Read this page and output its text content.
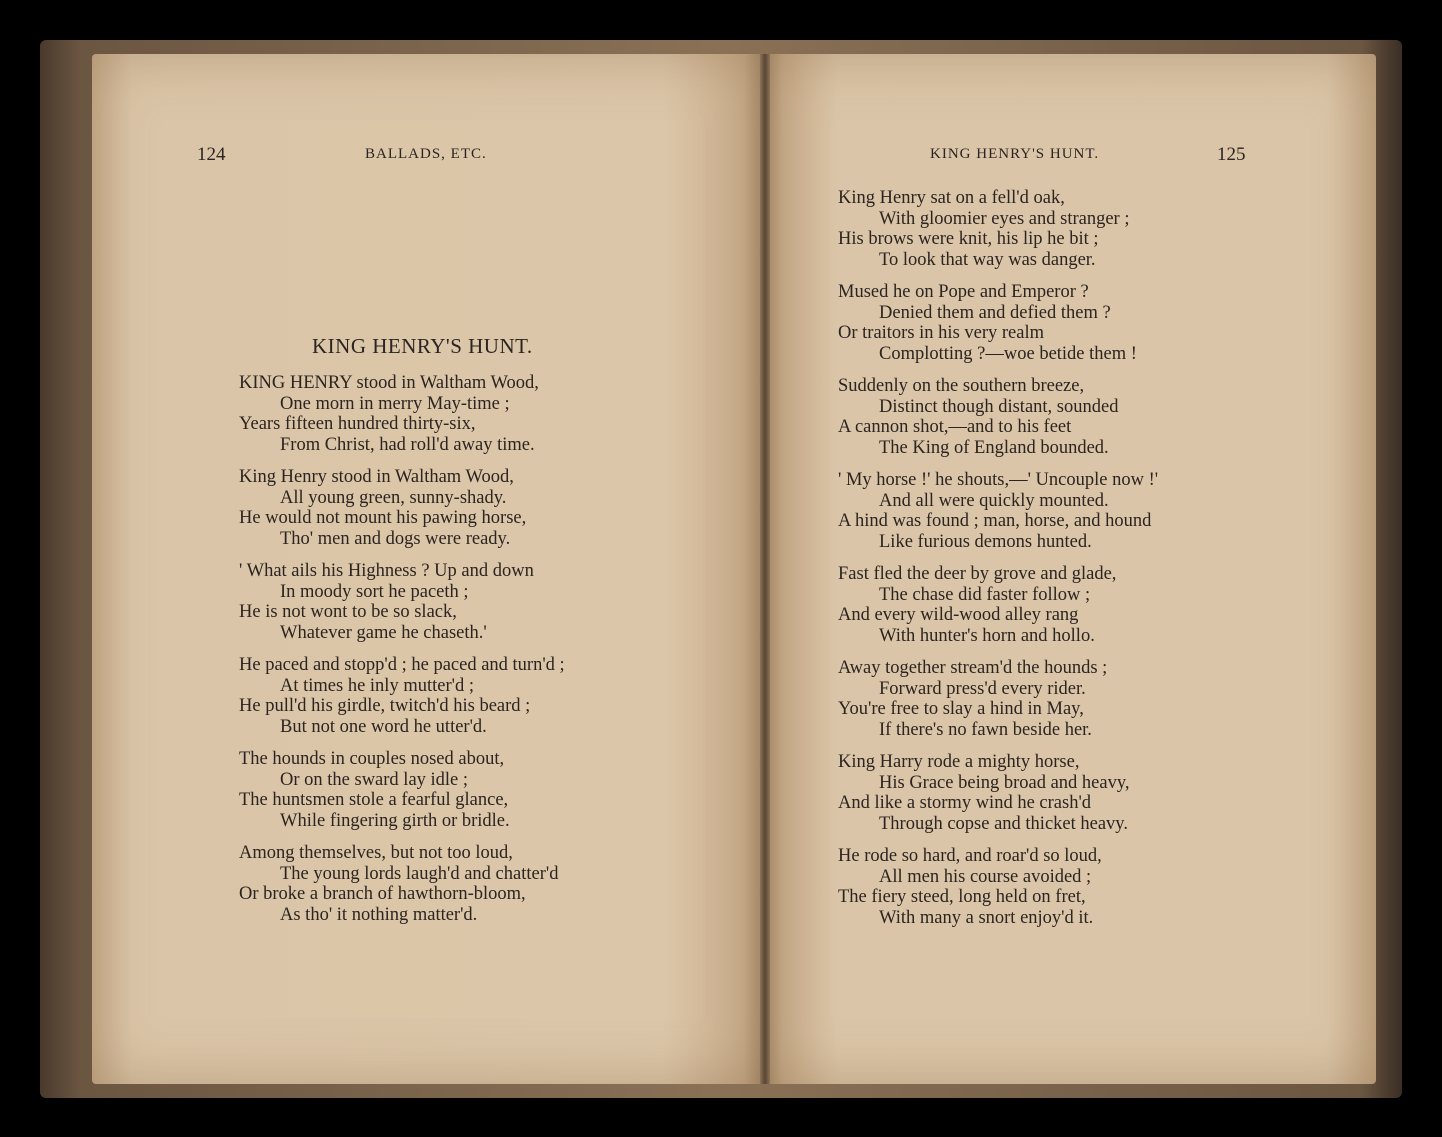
124	BALLADS, ETC.	KING HENRY'S HUNT.	125
KING HENRY'S HUNT.
KING HENRY stood in Waltham Wood,
One morn in merry May-time ;
Years fifteen hundred thirty-six,
From Christ, had roll'd away time.
King Henry stood in Waltham Wood,
All young green, sunny-shady.
He would not mount his pawing horse,
Tho' men and dogs were ready.
' What ails his Highness ? Up and down
In moody sort he paceth ;
He is not wont to be so slack,
Whatever game he chaseth.'
He paced and stopp'd ; he paced and turn'd ;
At times he inly mutter'd ;
He pull'd his girdle, twitch'd his beard ;
But not one word he utter'd.
The hounds in couples nosed about,
Or on the sward lay idle ;
The huntsmen stole a fearful glance,
While fingering girth or bridle.
Among themselves, but not too loud,
The young lords laugh'd and chatter'd
Or broke a branch of hawthorn-bloom,
As tho' it nothing matter'd.
King Henry sat on a fell'd oak,
With gloomier eyes and stranger ;
His brows were knit, his lip he bit ;
To look that way was danger.
Mused he on Pope and Emperor ?
Denied them and defied them ?
Or traitors in his very realm
Complotting ?—woe betide them !
Suddenly on the southern breeze,
Distinct though distant, sounded
A cannon shot,—and to his feet
The King of England bounded.
' My horse !' he shouts,—' Uncouple now !'
And all were quickly mounted.
A hind was found ; man, horse, and hound
Like furious demons hunted.
Fast fled the deer by grove and glade,
The chase did faster follow ;
And every wild-wood alley rang
With hunter's horn and hollo.
Away together stream'd the hounds ;
Forward press'd every rider.
You're free to slay a hind in May,
If there's no fawn beside her.
King Harry rode a mighty horse,
His Grace being broad and heavy,
And like a stormy wind he crash'd
Through copse and thicket heavy.
He rode so hard, and roar'd so loud,
All men his course avoided ;
The fiery steed, long held on fret,
With many a snort enjoy'd it.
